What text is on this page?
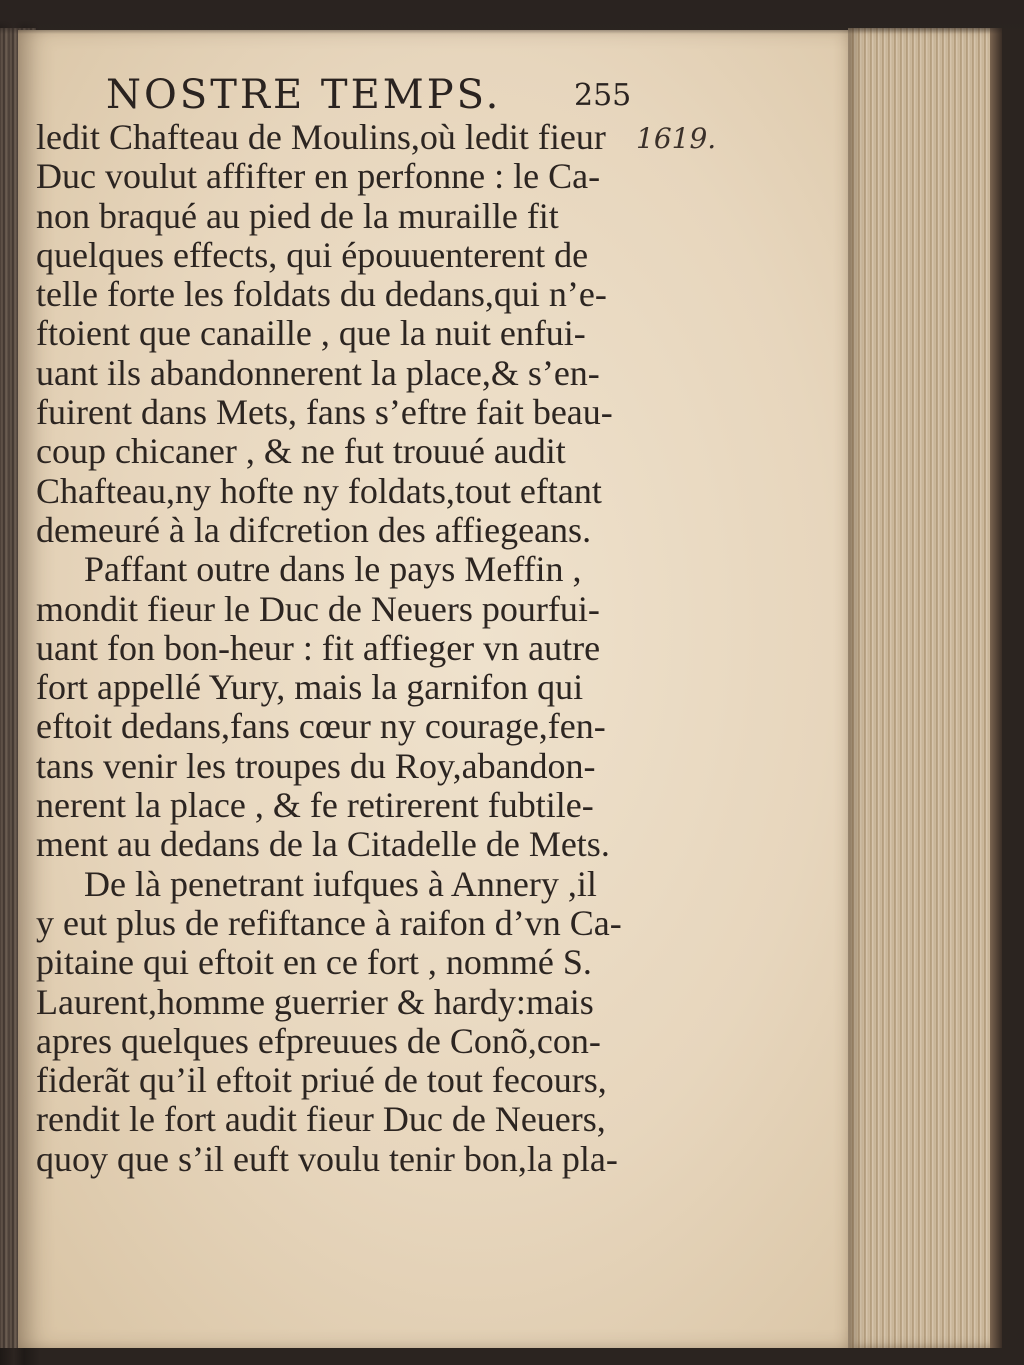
NOSTRE TEMPS. 255
1619.
ledit Chafteau de Moulins,où ledit fieur
Duc voulut affifter en perfonne : le Ca-
non braqué au pied de la muraille fit
quelques effects, qui épouuenterent de
telle forte les foldats du dedans,qui n’e-
ftoient que canaille , que la nuit enfui-
uant ils abandonnerent la place,& s’en-
fuirent dans Mets, fans s’eftre fait beau-
coup chicaner , & ne fut trouué audit
Chafteau,ny hofte ny foldats,tout eftant
demeuré à la difcretion des affiegeans.
Paffant outre dans le pays Meffin ,
mondit fieur le Duc de Neuers pourfui-
uant fon bon-heur : fit affieger vn autre
fort appellé Yury, mais la garnifon qui
eftoit dedans,fans cœur ny courage,fen-
tans venir les troupes du Roy,abandon-
nerent la place , & fe retirerent fubtile-
ment au dedans de la Citadelle de Mets.
De là penetrant iufques à Annery ,il
y eut plus de refiftance à raifon d’vn Ca-
pitaine qui eftoit en ce fort , nommé S.
Laurent,homme guerrier & hardy:mais
apres quelques efpreuues de Conõ,con-
fiderãt qu’il eftoit priué de tout fecours,
rendit le fort audit fieur Duc de Neuers,
quoy que s’il euft voulu tenir bon,la pla-
